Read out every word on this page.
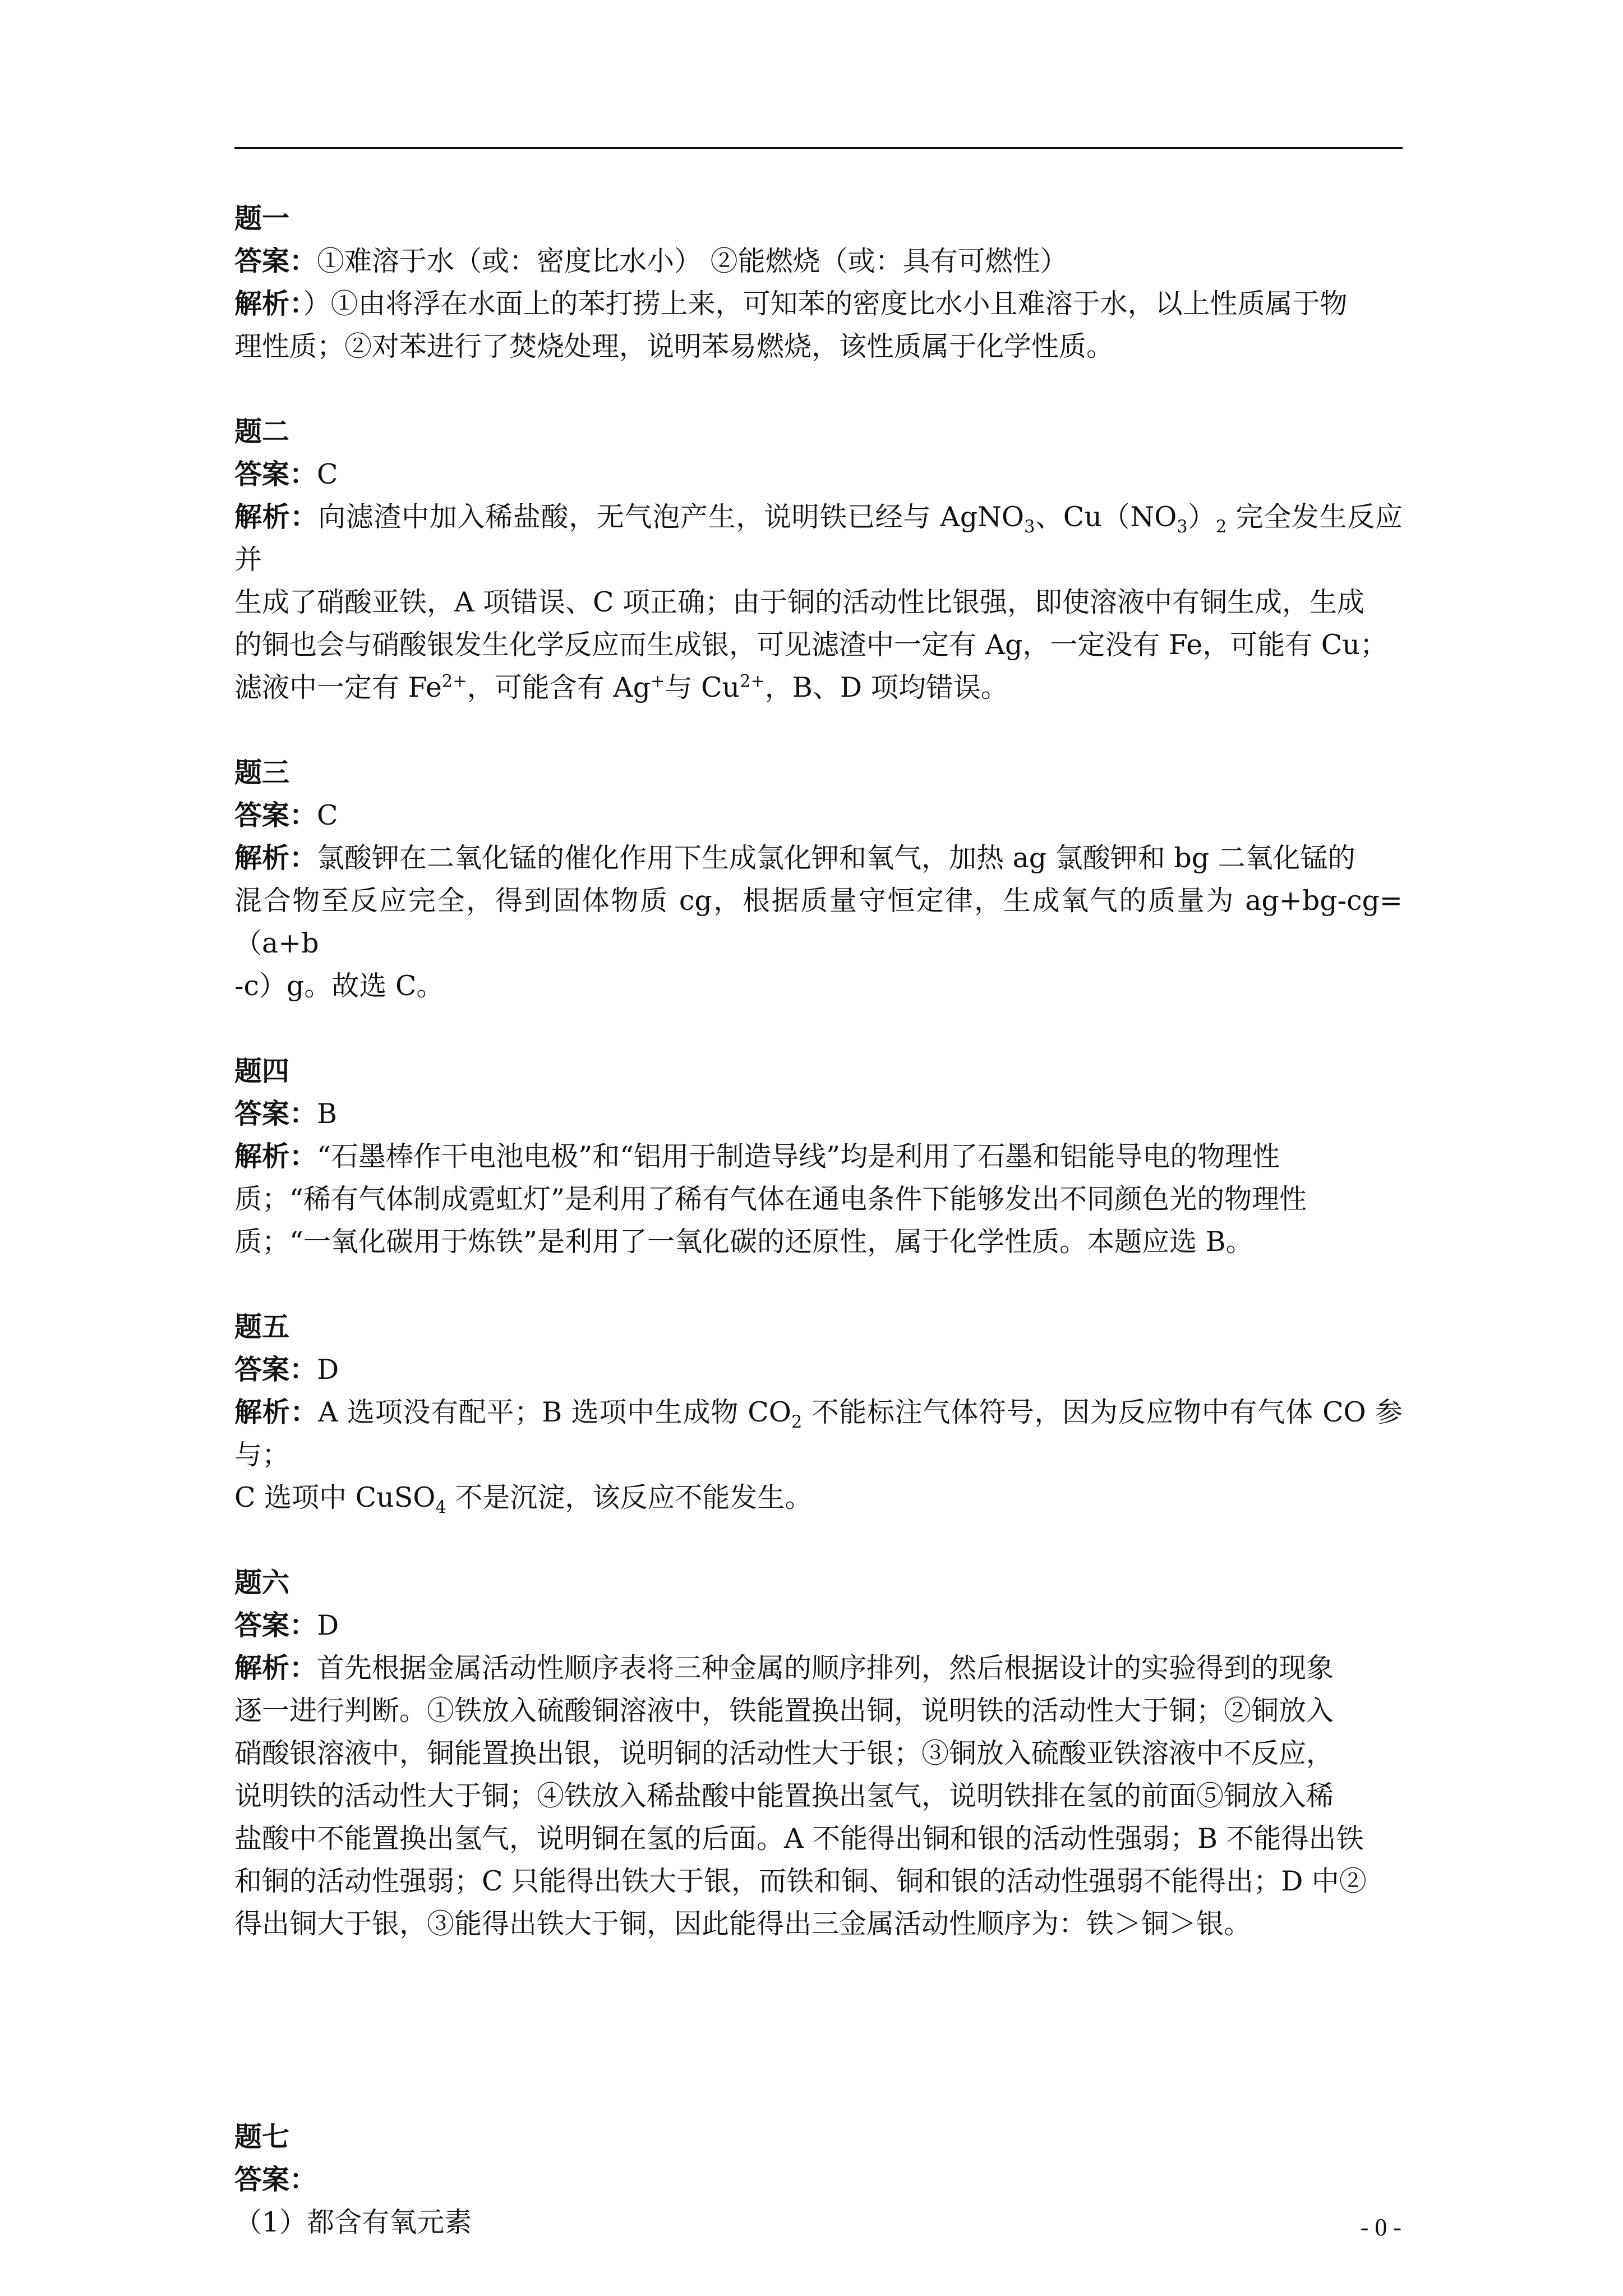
题一
答案：①难溶于水（或：密度比水小） ②能燃烧（或：具有可燃性）
解析：）①由将浮在水面上的苯打捞上来，可知苯的密度比水小且难溶于水，以上性质属于物
理性质；②对苯进行了焚烧处理，说明苯易燃烧，该性质属于化学性质。
题二
答案：C
解析：向滤渣中加入稀盐酸，无气泡产生，说明铁已经与 AgNO$_3$、$Cu(NO_3)_2$ 完全发生反应并
生成了硝酸亚铁，A 项错误、C 项正确；由于铜的活动性比银强，即使溶液中有铜生成，生成
的铜也会与硝酸银发生化学反应而生成银，可见滤渣中一定有 Ag，一定没有 Fe，可能有 Cu；
滤液中一定有 $Fe^{2+}$，可能含有 Ag+与 $Cu^{2+}$，B、D 项均错误。
题三
答案：C
解析：氯酸钾在二氧化锰的催化作用下生成氯化钾和氧气，加热 ag 氯酸钾和 bg 二氧化锰的
混合物至反应完全，得到固体物质 cg，根据质量守恒定律，生成氧气的质量为 ag+bg-cg=（a+b
-c）g。故选 C。
题四
答案：B
解析：“石墨棒作干电池电极”和“铝用于制造导线”均是利用了石墨和铝能导电的物理性
质；“稀有气体制成霓虹灯”是利用了稀有气体在通电条件下能够发出不同颜色光的物理性
质；“一氧化碳用于炼铁”是利用了一氧化碳的还原性，属于化学性质。本题应选 B。
题五
答案：D
解析：A 选项没有配平；B 选项中生成物 $CO_2$ 不能标注气体符号，因为反应物中有气体 CO 参与；
C 选项中 CuSO$_4$ 不是沉淀，该反应不能发生。
题六
答案：D
解析：首先根据金属活动性顺序表将三种金属的顺序排列，然后根据设计的实验得到的现象
逐一进行判断。①铁放入硫酸铜溶液中，铁能置换出铜，说明铁的活动性大于铜；②铜放入
硝酸银溶液中，铜能置换出银，说明铜的活动性大于银；③铜放入硫酸亚铁溶液中不反应，
说明铁的活动性大于铜；④铁放入稀盐酸中能置换出氢气，说明铁排在氢的前面⑤铜放入稀
盐酸中不能置换出氢气，说明铜在氢的后面。A 不能得出铜和银的活动性强弱；B 不能得出铁
和铜的活动性强弱；C 只能得出铁大于银，而铁和铜、铜和银的活动性强弱不能得出；D 中②
得出铜大于银，③能得出铁大于铜，因此能得出三金属活动性顺序为：铁＞铜＞银。
题七
答案：
（1）都含有氧元素	- 0 -
